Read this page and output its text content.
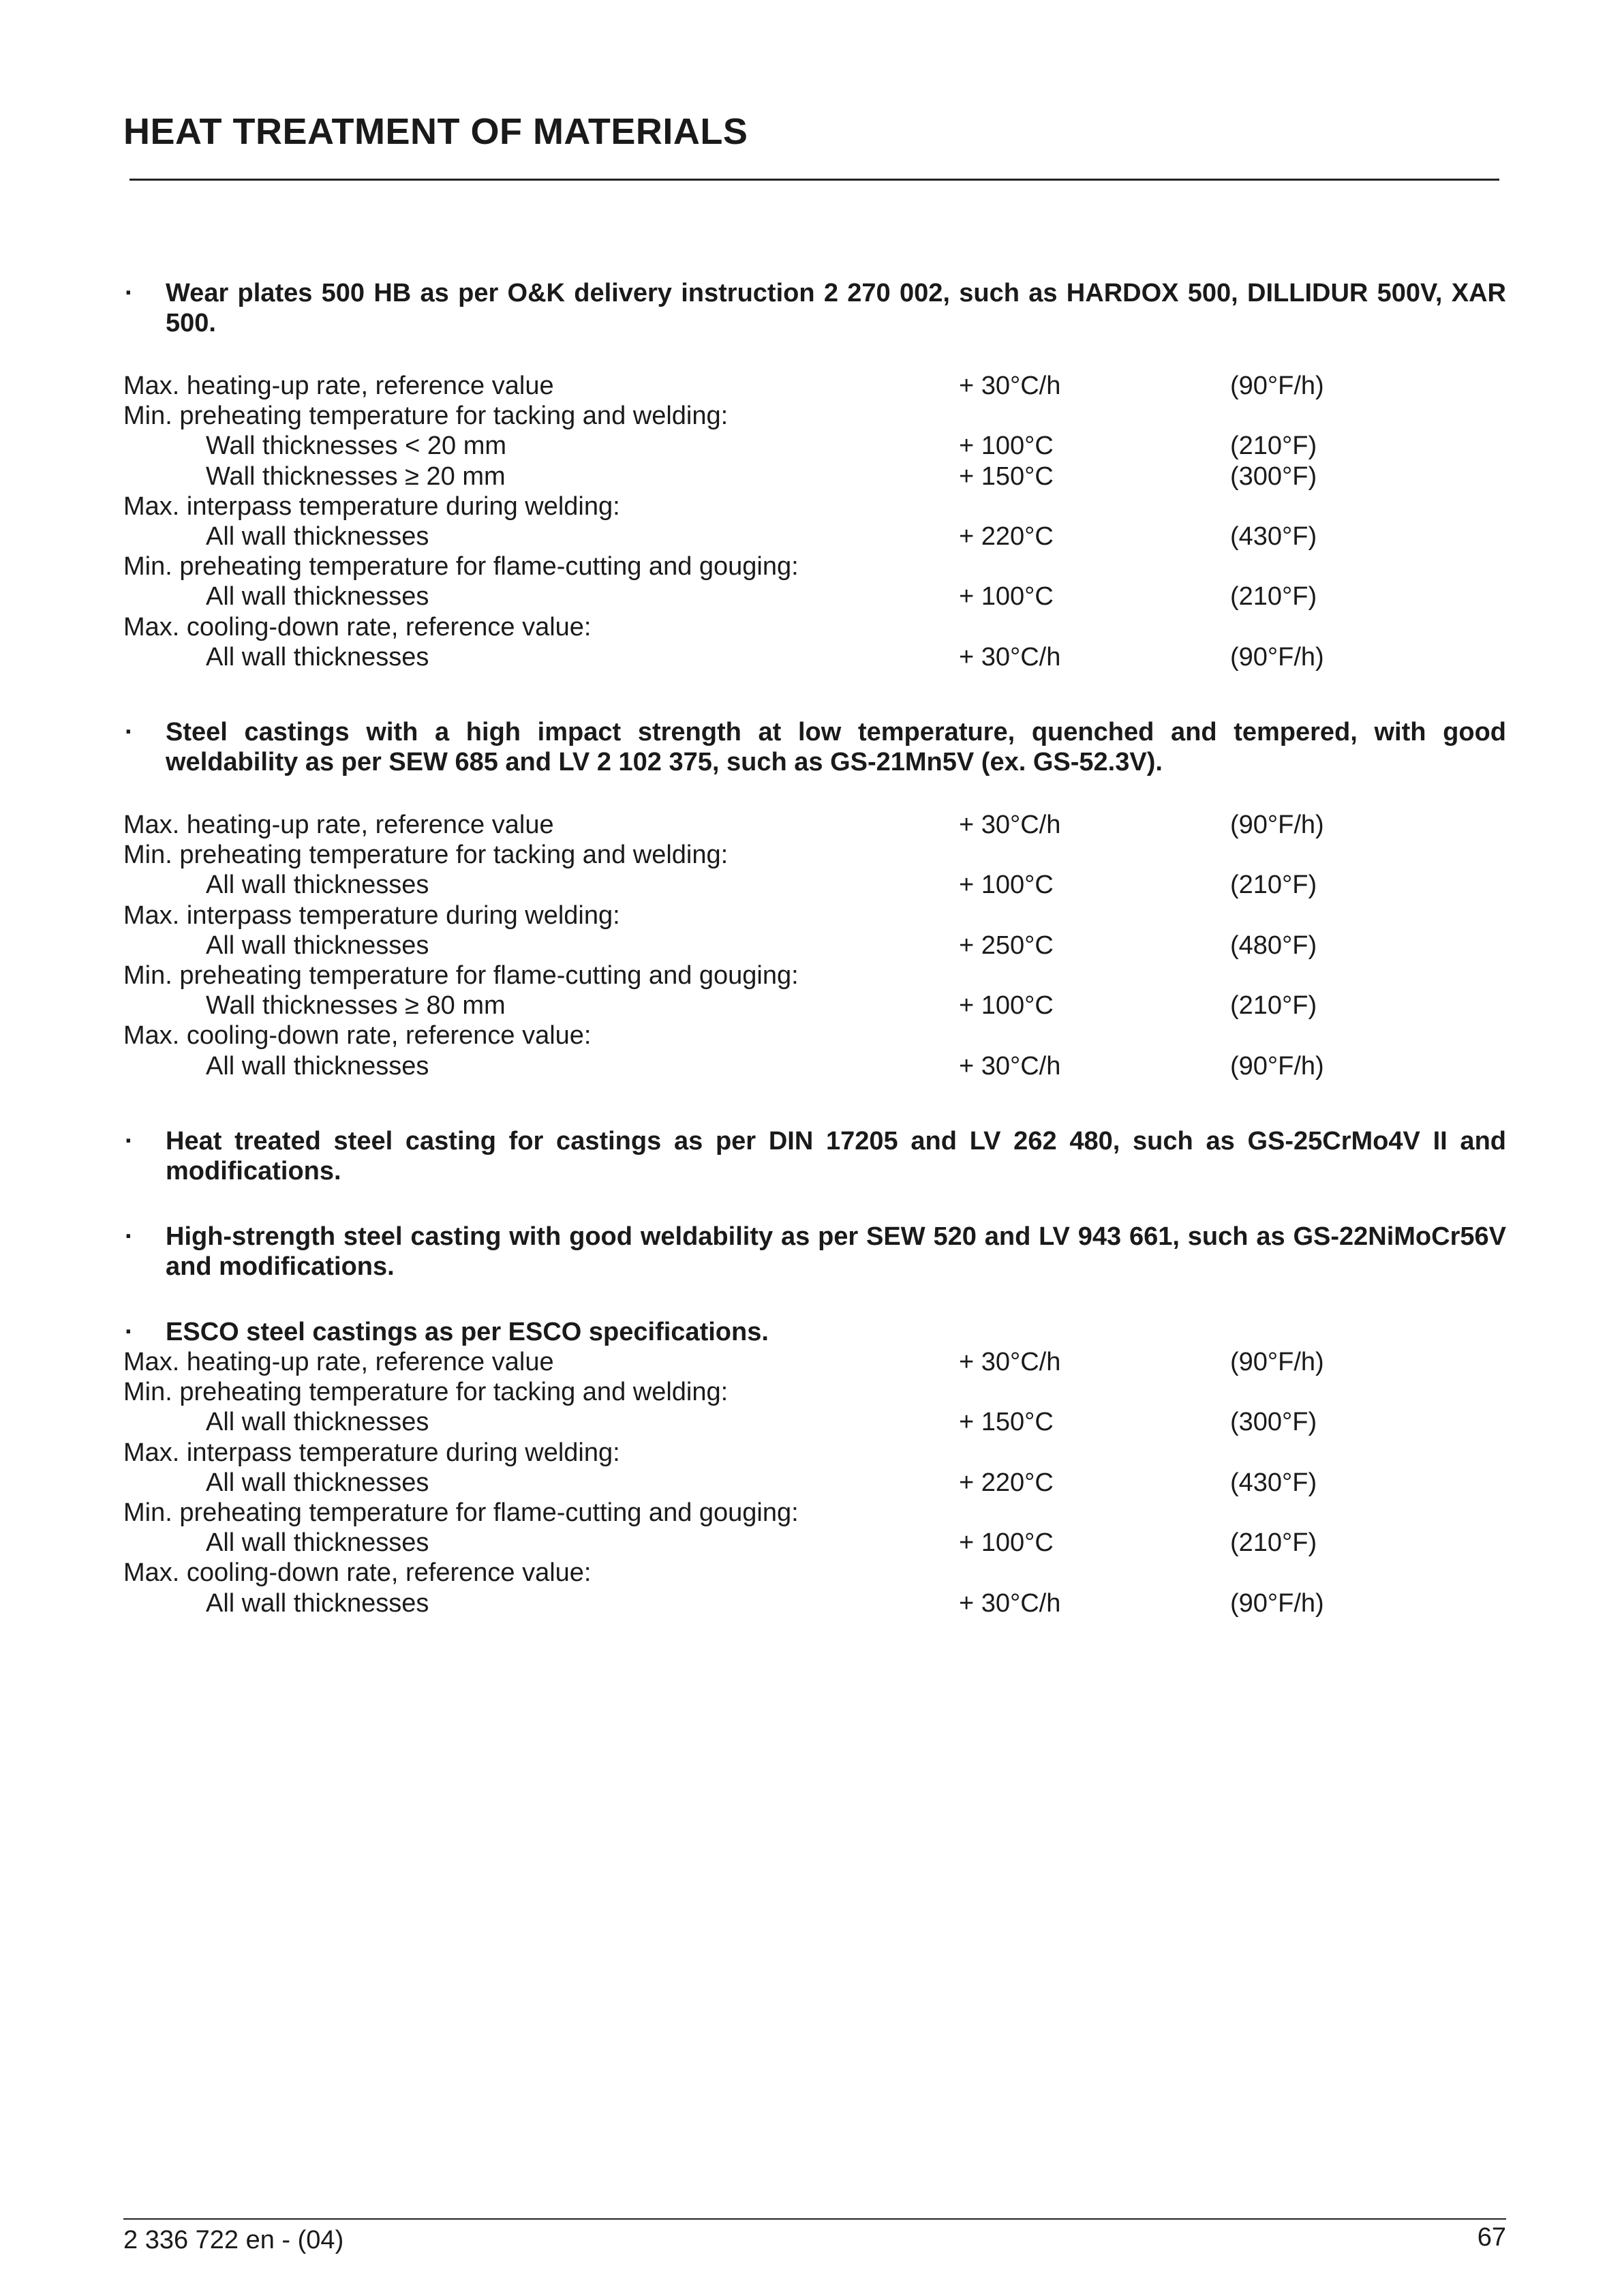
HEAT TREATMENT OF MATERIALS
· Wear plates 500 HB as per O&K delivery instruction 2 270 002, such as HARDOX 500, DILLIDUR 500V, XAR 500.

Max. heating-up rate, reference value	+ 30°C/h	(90°F/h)
Min. preheating temperature for tacking and welding:
Wall thicknesses < 20 mm	+ 100°C	(210°F)
Wall thicknesses ≥ 20 mm	+ 150°C	(300°F)
Max. interpass temperature during welding:
All wall thicknesses	+ 220°C	(430°F)
Min. preheating temperature for flame-cutting and gouging:
All wall thicknesses	+ 100°C	(210°F)
Max. cooling-down rate, reference value:
All wall thicknesses	+ 30°C/h	(90°F/h)
· Steel castings with a high impact strength at low temperature, quenched and tempered, with good weldability as per SEW 685 and LV 2 102 375, such as GS-21Mn5V (ex. GS-52.3V).

Max. heating-up rate, reference value	+ 30°C/h	(90°F/h)
Min. preheating temperature for tacking and welding:
All wall thicknesses	+ 100°C	(210°F)
Max. interpass temperature during welding:
All wall thicknesses	+ 250°C	(480°F)
Min. preheating temperature for flame-cutting and gouging:
Wall thicknesses ≥ 80 mm	+ 100°C	(210°F)
Max. cooling-down rate, reference value:
All wall thicknesses	+ 30°C/h	(90°F/h)
· Heat treated steel casting for castings as per DIN 17205 and LV 262 480, such as GS-25CrMo4V II and modifications.

· High-strength steel casting with good weldability as per SEW 520 and LV 943 661, such as GS-22NiMoCr56V and modifications.

· ESCO steel castings as per ESCO specifications.

Max. heating-up rate, reference value	+ 30°C/h	(90°F/h)
Min. preheating temperature for tacking and welding:
All wall thicknesses	+ 150°C	(300°F)
Max. interpass temperature during welding:
All wall thicknesses	+ 220°C	(430°F)
Min. preheating temperature for flame-cutting and gouging:
All wall thicknesses	+ 100°C	(210°F)
Max. cooling-down rate, reference value:
All wall thicknesses	+ 30°C/h	(90°F/h)
2 336 722 en - (04)	67
